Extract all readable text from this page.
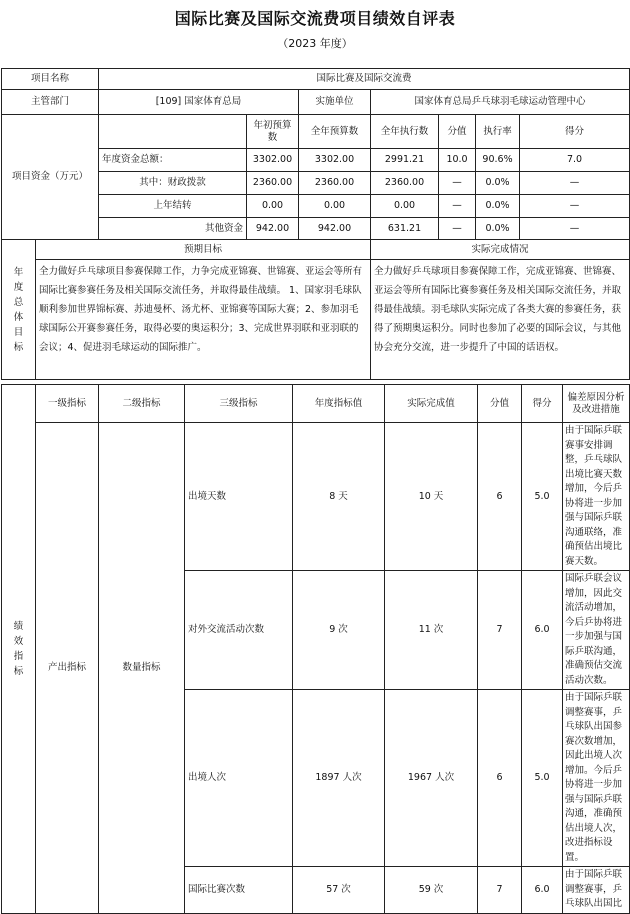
国际比赛及国际交流费项目绩效自评表
（2023 年度）
项目名称		国际比赛及国际交流费						
主管部门		[109] 国家体育总局		实施单位	国家体育总局乒乓球羽毛球运动管理中心			
项目资金（万元）			年初预算数	全年预算数	全年执行数	分值	执行率	得分
		年度资金总额：	3302.00	3302.00	2991.21	10.0	90.6%	7.0
		其中：财政拨款	2360.00	2360.00	2360.00	—	0.0%	—
		上年结转	0.00	0.00	0.00	—	0.0%	—
		其他资金	942.00	942.00	631.21	—	0.0%	—

年度总体目标	预期目标				实际完成情况			
	全力做好乒乓球项目参赛保障工作，力争完成亚锦赛、世锦赛、亚运会等所有国际比赛参赛任务及相关国际交流任务，并取得最佳战绩。 1、国家羽毛球队顺利参加世界锦标赛、苏迪曼杯、汤尤杯、亚锦赛等国际大赛；2、参加羽毛球国际公开赛参赛任务，取得必要的奥运积分；3、完成世界羽联和亚羽联的会议；4、促进羽毛球运动的国际推广。				全力做好乒乓球项目参赛保障工作，完成亚锦赛、世锦赛、亚运会等所有国际比赛参赛任务及相关国际交流任务，并取得最佳战绩。羽毛球队实际完成了各类大赛的参赛任务，获得了预期奥运积分。同时也参加了必要的国际会议，与其他协会充分交流，进一步提升了中国的话语权。			
绩效指标	一级指标	二级指标	三级指标	年度指标值	实际完成值	分值	得分	偏差原因分析及改进措施
	产出指标	数量指标	出境天数	8 天	10 天	6	5.0	由于国际乒联赛事安排调整，乒乓球队出境比赛天数增加，今后乒协将进一步加强与国际乒联沟通联络，准确预估出境比赛天数。
			对外交流活动次数	9 次	11 次	7	6.0	国际乒联会议增加，因此交流活动增加，今后乒协将进一步加强与国际乒联沟通，准确预估交流活动次数。
			出境人次	1897 人次	1967 人次	6	5.0	由于国际乒联调整赛事，乒乓球队出国参赛次数增加，因此出境人次增加。今后乒协将进一步加强与国际乒联沟通，准确预估出境人次，改进指标设置。
			国际比赛次数	57 次	59 次	7	6.0	由于国际乒联调整赛事，乒乓球队出国比
